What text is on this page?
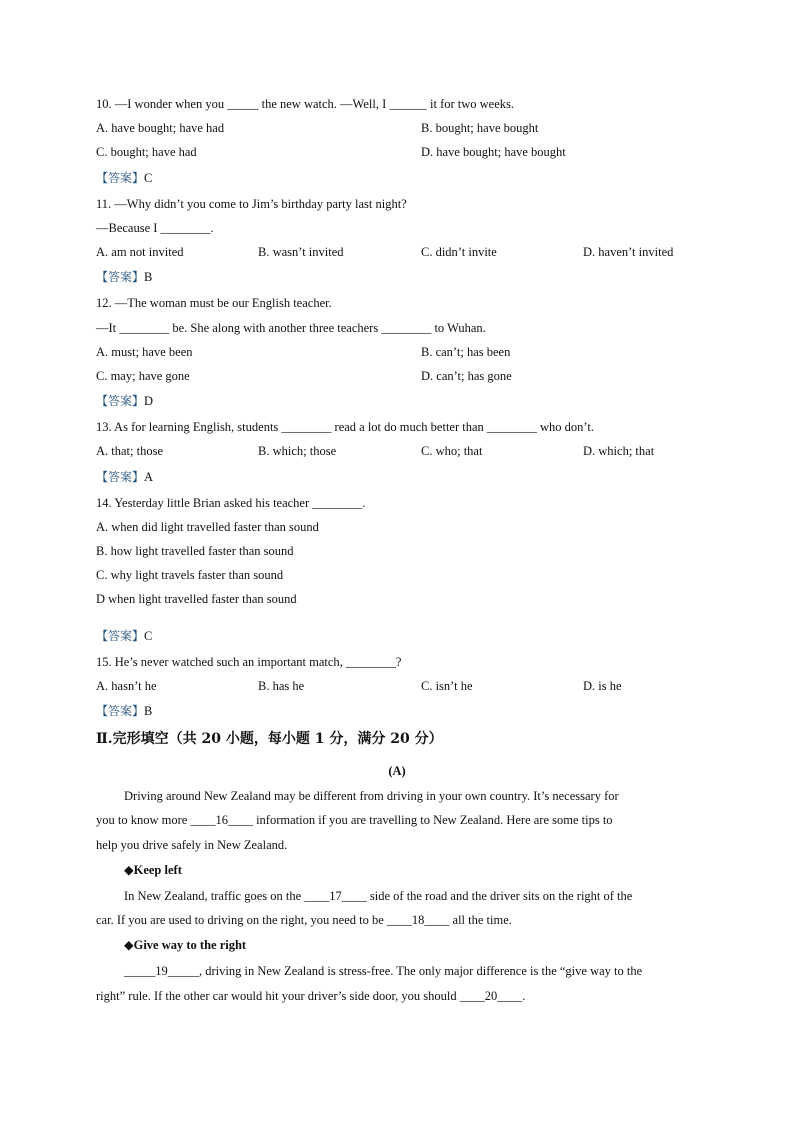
10. —I wonder when you _____ the new watch. —Well, I ______ it for two weeks.
A. have bought; have had	B. bought; have bought
C. bought; have had	D. have bought; have bought
【答案】C
11. —Why didn’t you come to Jim’s birthday party last night?
—Because I ________.
A. am not invited	B. wasn’t invited	C. didn’t invite	D. haven’t invited
【答案】B
12. —The woman must be our English teacher.
—It ________ be. She along with another three teachers ________ to Wuhan.
A. must; have been	B. can’t; has been
C. may; have gone	D. can’t; has gone
【答案】D
13. As for learning English, students ________ read a lot do much better than ________ who don’t.
A. that; those	B. which; those	C. who; that	D. which; that
【答案】A
14. Yesterday little Brian asked his teacher ________.
A. when did light travelled faster than sound
B. how light travelled faster than sound
C. why light travels faster than sound
D when light travelled faster than sound
【答案】C
15. He’s never watched such an important match, ________?
A. hasn’t he	B. has he	C. isn’t he	D. is he
【答案】B
Ⅱ.完形填空（共 20 小题，每小题 1 分，满分 20 分）
(A)
Driving around New Zealand may be different from driving in your own country. It’s necessary for
you to know more ____16____ information if you are travelling to New Zealand. Here are some tips to
help you drive safely in New Zealand.
◆Keep left
In New Zealand, traffic goes on the ____17____ side of the road and the driver sits on the right of the
car. If you are used to driving on the right, you need to be ____18____ all the time.
◆Give way to the right
_____19_____, driving in New Zealand is stress-free. The only major difference is the “give way to the
right” rule. If the other car would hit your driver’s side door, you should ____20____.
